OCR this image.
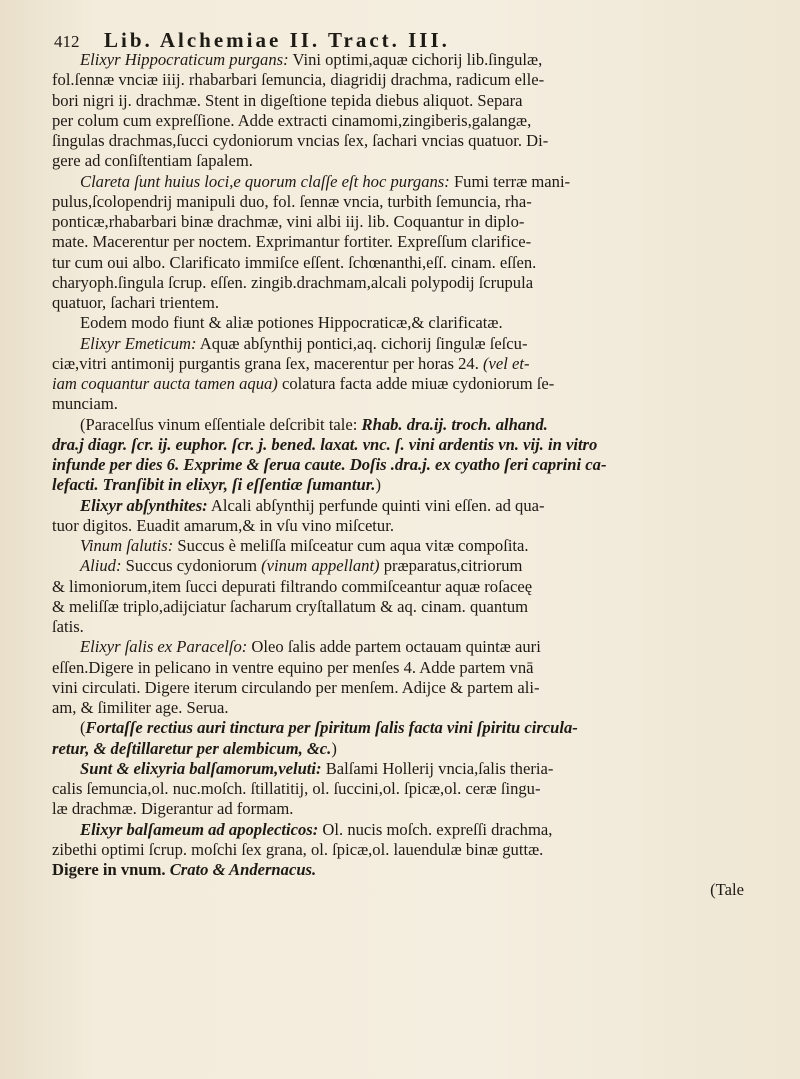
412 Lib. Alchemiae II. Tract. III.
Elixyr Hippocraticum purgans: Vini optimi,aquæ cichorij lib.ſingulæ,
fol.ſennæ vnciæ iiij. rhabarbari ſemuncia, diagridij drachma, radicum elle-
bori nigri ij. drachmæ. Stent in digeſtione tepida diebus aliquot. Separa
per colum cum expreſſione. Adde extracti cinamomi,zingiberis,galangæ,
ſingulas drachmas,ſucci cydoniorum vncias ſex, ſachari vncias quatuor. Di-
gere ad conſiſtentiam ſapalem.
Clareta ſunt huius loci,e quorum claſſe eſt hoc purgans: Fumi terræ mani-
pulus,ſcolopendrij manipuli duo, fol. ſennæ vncia, turbith ſemuncia, rha-
ponticæ,rhabarbari binæ drachmæ, vini albi iij. lib. Coquantur in diplo-
mate. Macerentur per noctem. Exprimantur fortiter. Expreſſum clarifice-
tur cum oui albo. Clarificato immiſce eſſent. ſchœnanthi,eſſ. cinam. eſſen.
charyoph.ſingula ſcrup. eſſen. zingib.drachmam,alcali polypodij ſcrupula
quatuor, ſachari trientem.
Eodem modo fiunt & aliæ potiones Hippocraticæ,& clarificatæ.
Elixyr Emeticum: Aquæ abſynthij pontici,aq. cichorij ſingulæ ſeſcu-
ciæ,vitri antimonij purgantis grana ſex, macerentur per horas 24. (vel et-
iam coquantur aucta tamen aqua) colatura facta adde miuæ cydoniorum ſe-
munciam.
(Paracelſus vinum eſſentiale deſcribit tale: Rhab. dra.ij. troch. alhand.
dra.j diagr. ſcr. ij. euphor. ſcr. j. bened. laxat. vnc. ſ. vini ardentis vn. vij. in vitro
infunde per dies 6. Exprime & ſerua caute. Doſis .dra.j. ex cyatho ſeri caprini ca-
lefacti. Tranſibit in elixyr, ſi eſſentiæ ſumantur.)
Elixyr abſynthites: Alcali abſynthij perfunde quinti vini eſſen. ad qua-
tuor digitos. Euadit amarum,& in vſu vino miſcetur.
Vinum ſalutis: Succus è meliſſa miſceatur cum aqua vitæ compoſita.
Aliud: Succus cydoniorum (vinum appellant) præparatus,citriorum
& limoniorum,item ſucci depurati filtrando commiſceantur aquæ roſaceę
& meliſſæ triplo,adijciatur ſacharum cryſtallatum & aq. cinam. quantum
ſatis.
Elixyr ſalis ex Paracelſo: Oleo ſalis adde partem octauam quintæ auri
eſſen.Digere in pelicano in ventre equino per menſes 4. Adde partem vnā
vini circulati. Digere iterum circulando per menſem. Adijce & partem ali-
am, & ſimiliter age. Serua.
(Fortaſſe rectius auri tinctura per ſpiritum ſalis facta vini ſpiritu circula-
retur, & deſtillaretur per alembicum, &c.)
Sunt & elixyria balſamorum,veluti: Balſami Hollerij vncia,ſalis theria-
calis ſemuncia,ol. nuc.moſch. ſtillatitij, ol. ſuccini,ol. ſpicæ,ol. ceræ ſingu-
læ drachmæ. Digerantur ad formam.
Elixyr balſameum ad apoplecticos: Ol. nucis moſch. expreſſi drachma,
zibethi optimi ſcrup. moſchi ſex grana, ol. ſpicæ,ol. lauendulæ binæ guttæ.
Digere in vnum. Crato & Andernacus.
(Tale
